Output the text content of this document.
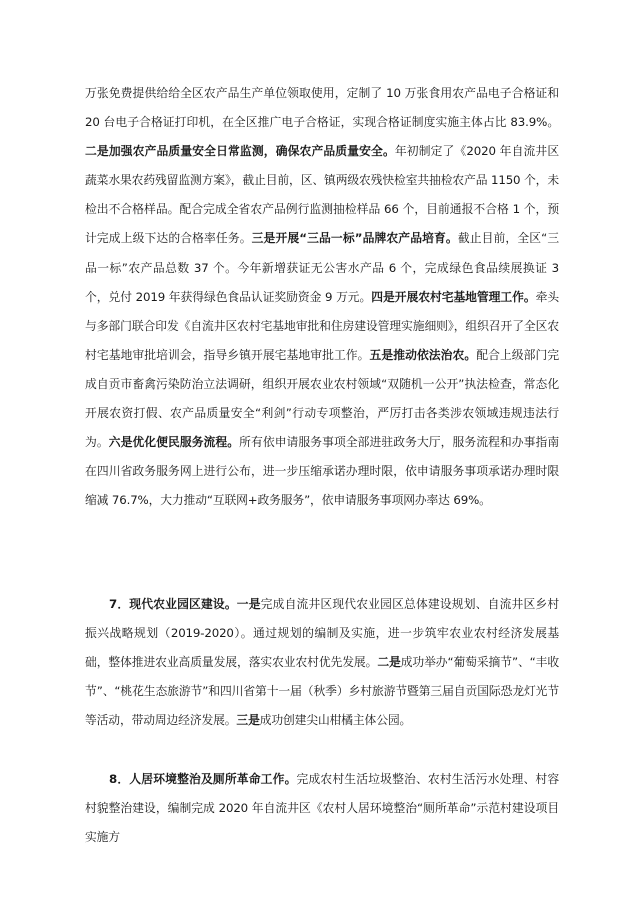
万张免费提供给给全区农产品生产单位领取使用，定制了 10 万张食用农产品电子合格证和 20 台电子合格证打印机，在全区推广电子合格证，实现合格证制度实施主体占比 83.9%。二是加强农产品质量安全日常监测，确保农产品质量安全。年初制定了《2020 年自流井区蔬菜水果农药残留监测方案》，截止目前，区、镇两级农残快检室共抽检农产品 1150 个，未检出不合格样品。配合完成全省农产品例行监测抽检样品 66 个，目前通报不合格 1 个，预计完成上级下达的合格率任务。三是开展“三品一标”品牌农产品培育。截止目前，全区“三品一标”农产品总数 37 个。今年新增获证无公害水产品 6 个，完成绿色食品续展换证 3 个，兑付 2019 年获得绿色食品认证奖励资金 9 万元。四是开展农村宅基地管理工作。牵头与多部门联合印发《自流井区农村宅基地审批和住房建设管理实施细则》，组织召开了全区农村宅基地审批培训会，指导乡镇开展宅基地审批工作。五是推动依法治农。配合上级部门完成自贡市畜禽污染防治立法调研，组织开展农业农村领域“双随机一公开”执法检查，常态化开展农资打假、农产品质量安全“利剑”行动专项整治，严厉打击各类涉农领域违规违法行为。六是优化便民服务流程。所有依申请服务事项全部进驻政务大厅，服务流程和办事指南在四川省政务服务网上进行公布，进一步压缩承诺办理时限，依申请服务事项承诺办理时限缩减 76.7%，大力推动“互联网+政务服务”，依申请服务事项网办率达 69%。

7．现代农业园区建设。一是完成自流井区现代农业园区总体建设规划、自流井区乡村振兴战略规划（2019-2020）。通过规划的编制及实施，进一步筑牢农业农村经济发展基础，整体推进农业高质量发展，落实农业农村优先发展。二是成功举办“葡萄采摘节”、“丰收节”、“桃花生态旅游节”和四川省第十一届（秋季）乡村旅游节暨第三届自贡国际恐龙灯光节等活动，带动周边经济发展。三是成功创建尖山柑橘主体公园。

8．人居环境整治及厕所革命工作。完成农村生活垃圾整治、农村生活污水处理、村容村貌整治建设，编制完成 2020 年自流井区《农村人居环境整治“厕所革命”示范村建设项目实施方
